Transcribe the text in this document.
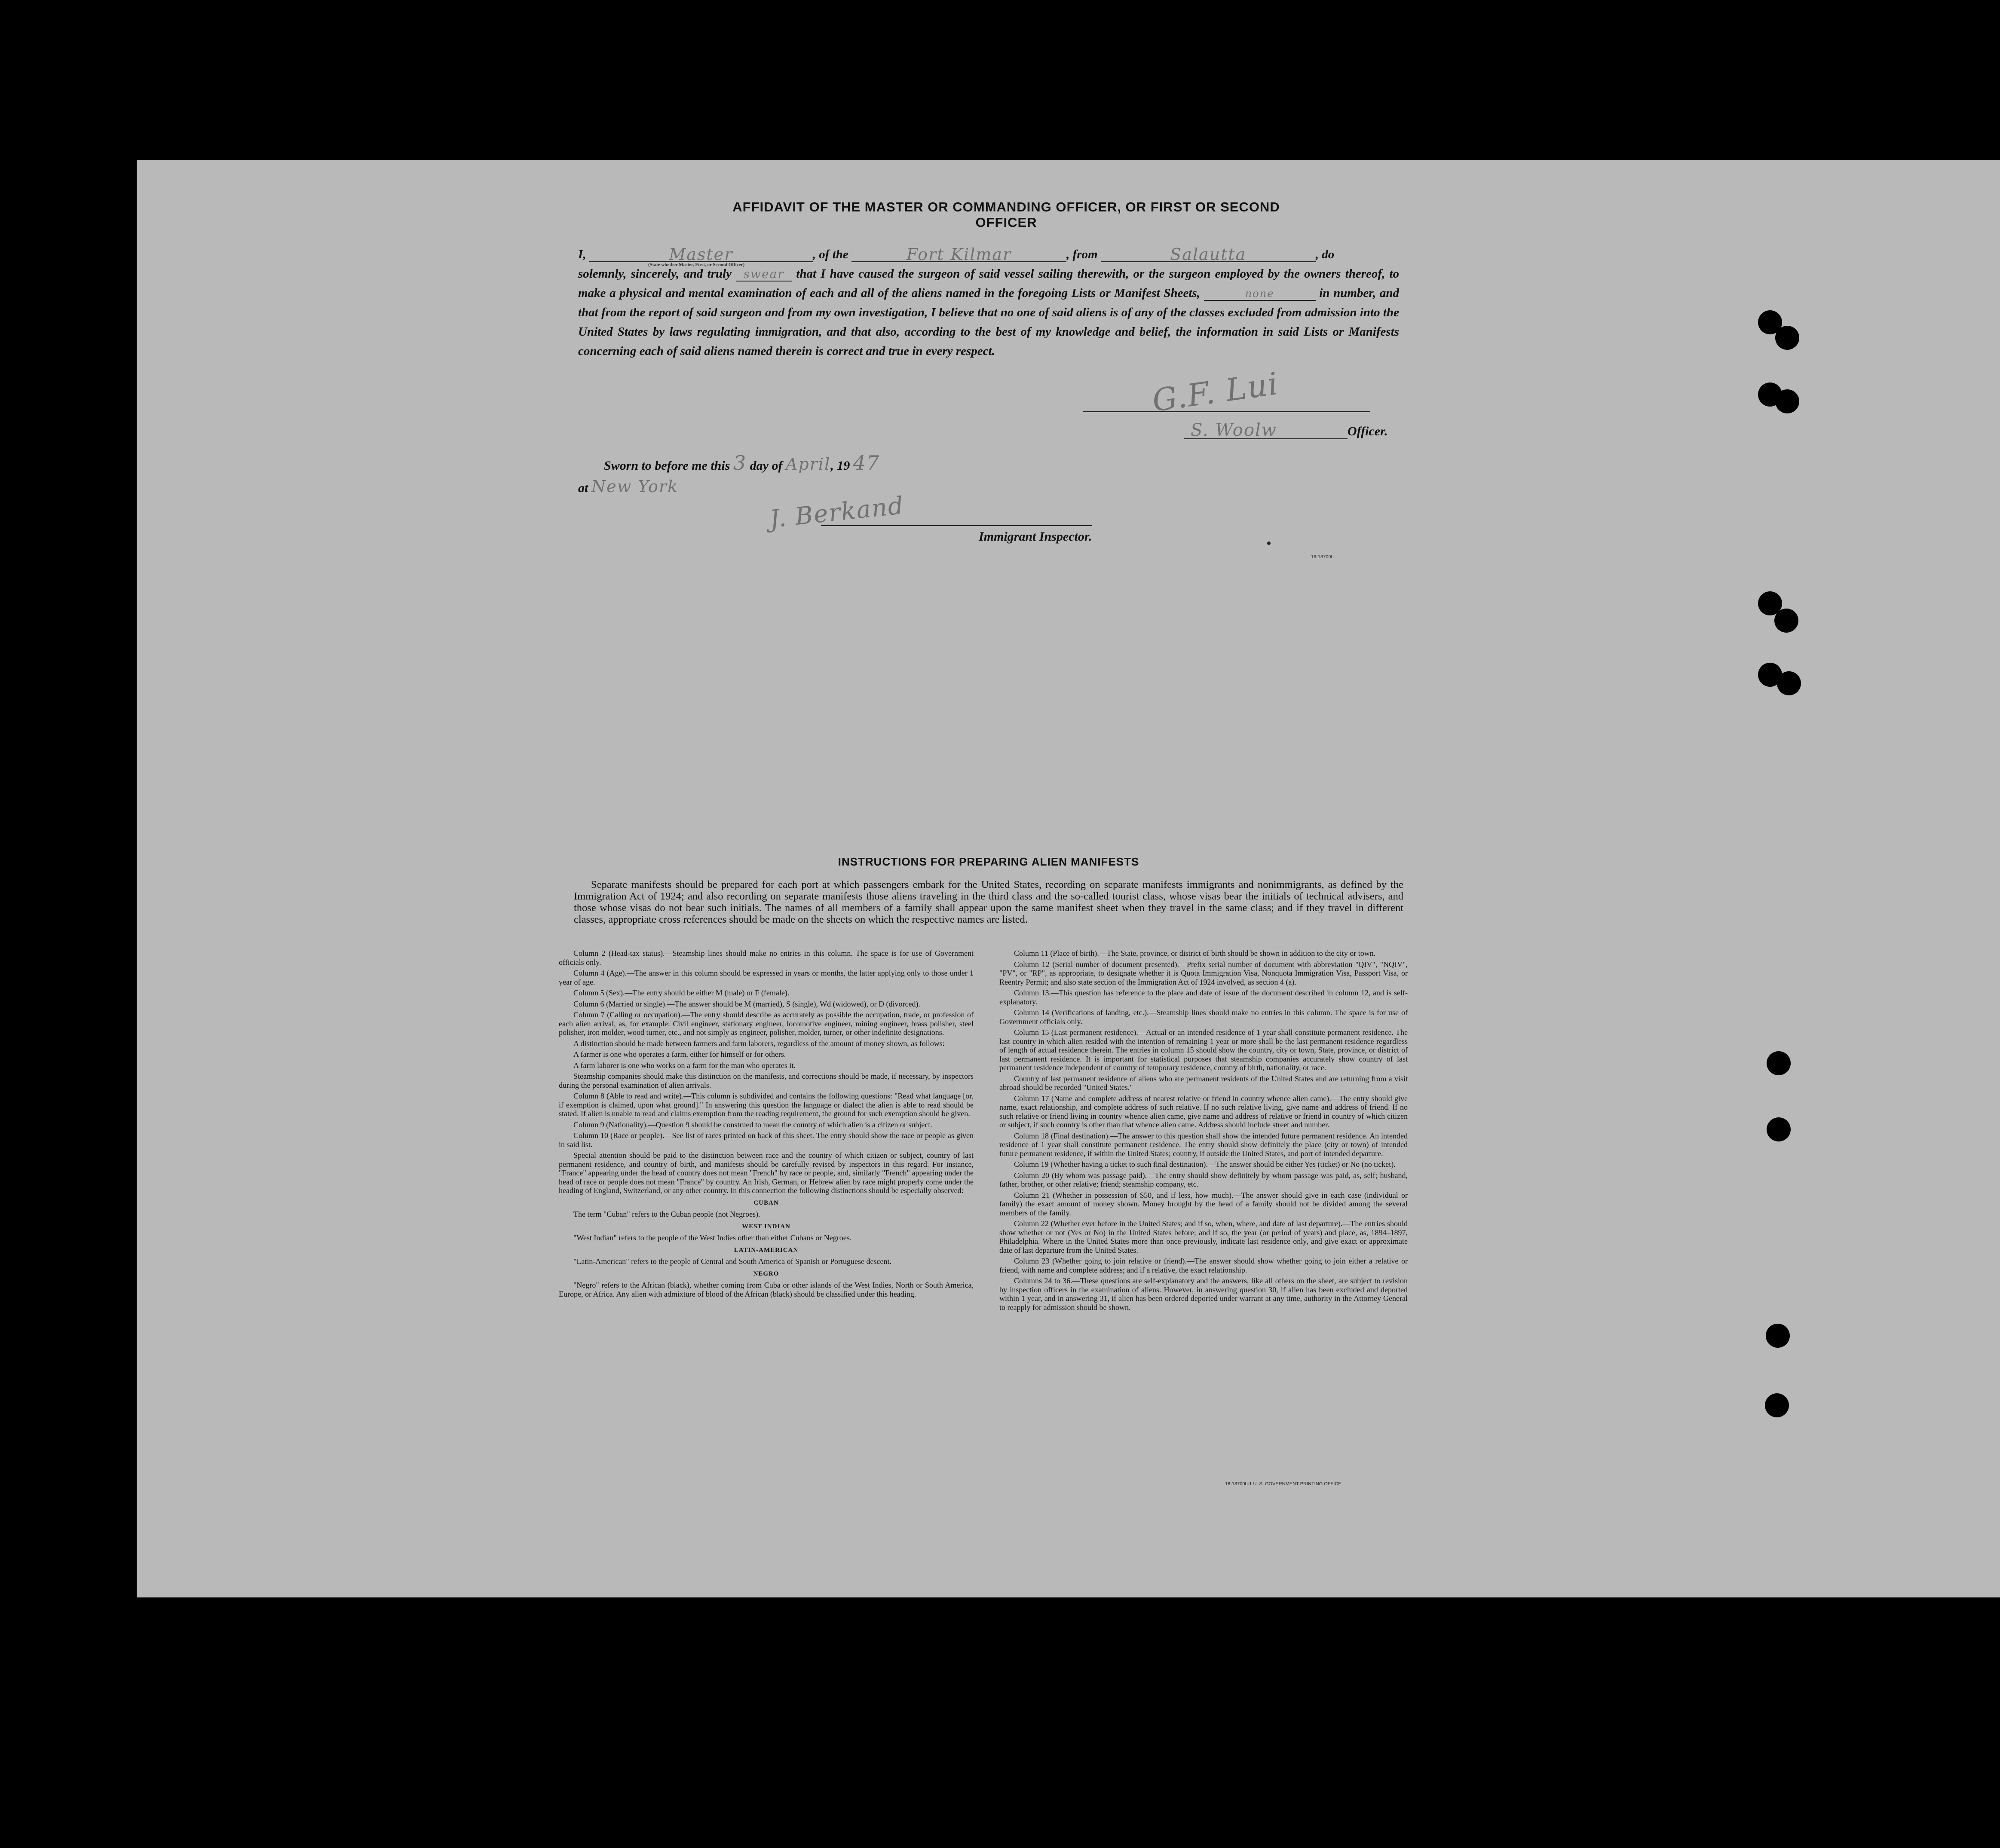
AFFIDAVIT OF THE MASTER OR COMMANDING OFFICER, OR FIRST OR SECOND OFFICER
I,	Master	, of the	Fort Kilmar	, from	Salautta	, do
solemnly, sincerely, and truly swear that I have caused the surgeon of said vessel sailing therewith, or the surgeon employed by the owners thereof, to make a physical and mental examination of each and all of the aliens named in the foregoing Lists or Manifest Sheets,	none	in number, and that from the report of said surgeon and from my own investigation, I believe that no one of said aliens is of any of the classes excluded from admission into the United States by laws regulating immigration, and that also, according to the best of my knowledge and belief, the information in said Lists or Manifests concerning each of said aliens named therein is correct and true in every respect.
(State whether Master, First, or Second Officer)
G.F. Lui
S. Woolw	Officer.
Sworn to before me this 3 day of April, 19 47
at New York
J. Berkand
Immigrant Inspector.
16-18700b
INSTRUCTIONS FOR PREPARING ALIEN MANIFESTS
Separate manifests should be prepared for each port at which passengers embark for the United States, recording on separate manifests immigrants and nonimmigrants, as defined by the Immigration Act of 1924; and also recording on separate manifests those aliens traveling in the third class and the so-called tourist class, whose visas bear the initials of technical advisers, and those whose visas do not bear such initials. The names of all members of a family shall appear upon the same manifest sheet when they travel in the same class; and if they travel in different classes, appropriate cross references should be made on the sheets on which the respective names are listed.

Column 2 (Head-tax status).—Steamship lines should make no entries in this column. The space is for use of Government officials only.

Column 4 (Age).—The answer in this column should be expressed in years or months, the latter applying only to those under 1 year of age.

Column 5 (Sex).—The entry should be either M (male) or F (female).

Column 6 (Married or single).—The answer should be M (married), S (single), Wd (widowed), or D (divorced).

Column 7 (Calling or occupation).—The entry should describe as accurately as possible the occupation, trade, or profession of each alien arrival, as, for example: Civil engineer, stationary engineer, locomotive engineer, mining engineer, brass polisher, steel polisher, iron molder, wood turner, etc., and not simply as engineer, polisher, molder, turner, or other indefinite designations.

A distinction should be made between farmers and farm laborers, regardless of the amount of money shown, as follows:

A farmer is one who operates a farm, either for himself or for others.

A farm laborer is one who works on a farm for the man who operates it.

Steamship companies should make this distinction on the manifests, and corrections should be made, if necessary, by inspectors during the personal examination of alien arrivals.

Column 8 (Able to read and write).—This column is subdivided and contains the following questions: "Read what language [or, if exemption is claimed, upon what ground]." In answering this question the language or dialect the alien is able to read should be stated. If alien is unable to read and claims exemption from the reading requirement, the ground for such exemption should be given.

Column 9 (Nationality).—Question 9 should be construed to mean the country of which alien is a citizen or subject.

Column 10 (Race or people).—See list of races printed on back of this sheet. The entry should show the race or people as given in said list.

Special attention should be paid to the distinction between race and the country of which citizen or subject, country of last permanent residence, and country of birth, and manifests should be carefully revised by inspectors in this regard. For instance, "France" appearing under the head of country does not mean "French" by race or people, and, similarly "French" appearing under the head of race or people does not mean "France" by country. An Irish, German, or Hebrew alien by race might properly come under the heading of England, Switzerland, or any other country. In this connection the following distinctions should be especially observed:

CUBAN

The term "Cuban" refers to the Cuban people (not Negroes).

WEST INDIAN

"West Indian" refers to the people of the West Indies other than either Cubans or Negroes.

LATIN-AMERICAN

"Latin-American" refers to the people of Central and South America of Spanish or Portuguese descent.

NEGRO

"Negro" refers to the African (black), whether coming from Cuba or other islands of the West Indies, North or South America, Europe, or Africa. Any alien with admixture of blood of the African (black) should be classified under this heading.

Column 11 (Place of birth).—The State, province, or district of birth should be shown in addition to the city or town.

Column 12 (Serial number of document presented).—Prefix serial number of document with abbreviation "QIV", "NQIV", "PV", or "RP", as appropriate, to designate whether it is Quota Immigration Visa, Nonquota Immigration Visa, Passport Visa, or Reentry Permit; and also state section of the Immigration Act of 1924 involved, as section 4 (a).

Column 13.—This question has reference to the place and date of issue of the document described in column 12, and is self-explanatory.

Column 14 (Verifications of landing, etc.).—Steamship lines should make no entries in this column. The space is for use of Government officials only.

Column 15 (Last permanent residence).—Actual or an intended residence of 1 year shall constitute permanent residence. The last country in which alien resided with the intention of remaining 1 year or more shall be the last permanent residence regardless of length of actual residence therein. The entries in column 15 should show the country, city or town, State, province, or district of last permanent residence. It is important for statistical purposes that steamship companies accurately show country of last permanent residence independent of country of temporary residence, country of birth, nationality, or race.

Country of last permanent residence of aliens who are permanent residents of the United States and are returning from a visit abroad should be recorded "United States."

Column 17 (Name and complete address of nearest relative or friend in country whence alien came).—The entry should give name, exact relationship, and complete address of such relative. If no such relative living, give name and address of friend. If no such relative or friend living in country whence alien came, give name and address of relative or friend in country of which citizen or subject, if such country is other than that whence alien came. Address should include street and number.

Column 18 (Final destination).—The answer to this question shall show the intended future permanent residence. An intended residence of 1 year shall constitute permanent residence. The entry should show definitely the place (city or town) of intended future permanent residence, if within the United States; country, if outside the United States, and port of intended departure.

Column 19 (Whether having a ticket to such final destination).—The answer should be either Yes (ticket) or No (no ticket).

Column 20 (By whom was passage paid).—The entry should show definitely by whom passage was paid, as, self; husband, father, brother, or other relative; friend; steamship company, etc.

Column 21 (Whether in possession of $50, and if less, how much).—The answer should give in each case (individual or family) the exact amount of money shown. Money brought by the head of a family should not be divided among the several members of the family.

Column 22 (Whether ever before in the United States; and if so, when, where, and date of last departure).—The entries should show whether or not (Yes or No) in the United States before; and if so, the year (or period of years) and place, as, 1894–1897, Philadelphia. Where in the United States more than once previously, indicate last residence only, and give exact or approximate date of last departure from the United States.

Column 23 (Whether going to join relative or friend).—The answer should show whether going to join either a relative or friend, with name and complete address; and if a relative, the exact relationship.

Columns 24 to 36.—These questions are self-explanatory and the answers, like all others on the sheet, are subject to revision by inspection officers in the examination of aliens. However, in answering question 30, if alien has been excluded and deported within 1 year, and in answering 31, if alien has been ordered deported under warrant at any time, authority in the Attorney General to reapply for admission should be shown.

16-18700b-1 U. S. GOVERNMENT PRINTING OFFICE
